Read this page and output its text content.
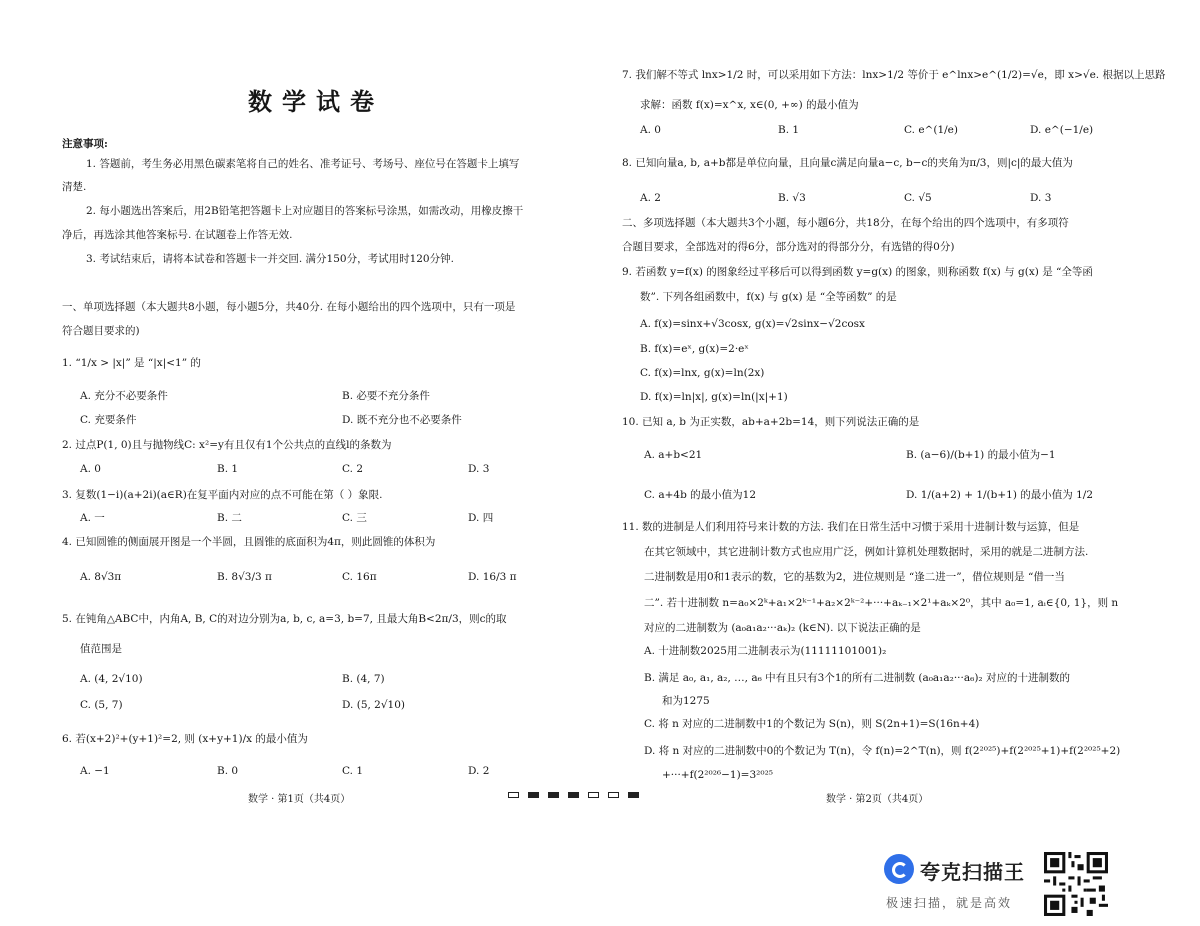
数学试卷
注意事项:
1. 答题前，考生务必用黑色碳素笔将自己的姓名、准考证号、考场号、座位号在答题卡上填写
清楚.
2. 每小题选出答案后，用2B铅笔把答题卡上对应题目的答案标号涂黑，如需改动，用橡皮擦干
净后，再选涂其他答案标号. 在试题卷上作答无效.
3. 考试结束后，请将本试卷和答题卡一并交回. 满分150分，考试用时120分钟.
一、单项选择题（本大题共8小题，每小题5分，共40分. 在每小题给出的四个选项中，只有一项是
符合题目要求的)
1. “1/x > |x|” 是 “|x|<1” 的
A. 充分不必要条件	B. 必要不充分条件
C. 充要条件	D. 既不充分也不必要条件
2. 过点P(1, 0)且与抛物线C: x²=y有且仅有1个公共点的直线l的条数为
A. 0	B. 1	C. 2	D. 3
3. 复数(1−i)(a+2i)(a∈R)在复平面内对应的点不可能在第（ ）象限.
A. 一	B. 二	C. 三	D. 四
4. 已知圆锥的侧面展开图是一个半圆，且圆锥的底面积为4π，则此圆锥的体积为
A. 8√3π	B. 8√3/3 π	C. 16π	D. 16/3 π
5. 在钝角△ABC中，内角A, B, C的对边分别为a, b, c, a=3, b=7, 且最大角B<2π/3，则c的取
值范围是
A. (4, 2√10)	B. (4, 7)
C. (5, 7)	D. (5, 2√10)
6. 若(x+2)²+(y+1)²=2, 则 (x+y+1)/x 的最小值为
A. −1	B. 0	C. 1	D. 2
数学 · 第1页（共4页）
7. 我们解不等式 lnx>1/2 时，可以采用如下方法：lnx>1/2 等价于 e^lnx>e^(1/2)=√e，即 x>√e. 根据以上思路
求解：函数 f(x)=x^x, x∈(0, +∞) 的最小值为
A. 0	B. 1	C. e^(1/e)	D. e^(−1/e)
8. 已知向量a, b, a+b都是单位向量，且向量c满足向量a−c, b−c的夹角为π/3，则|c|的最大值为
A. 2	B. √3	C. √5	D. 3
二、多项选择题（本大题共3个小题，每小题6分，共18分，在每个给出的四个选项中，有多项符
合题目要求，全部选对的得6分，部分选对的得部分分，有选错的得0分)
9. 若函数 y=f(x) 的图象经过平移后可以得到函数 y=g(x) 的图象，则称函数 f(x) 与 g(x) 是 “全等函
数”. 下列各组函数中，f(x) 与 g(x) 是 “全等函数” 的是
A. f(x)=sinx+√3cosx, g(x)=√2sinx−√2cosx
B. f(x)=eˣ, g(x)=2·eˣ
C. f(x)=lnx, g(x)=ln(2x)
D. f(x)=ln|x|, g(x)=ln(|x|+1)
10. 已知 a, b 为正实数，ab+a+2b=14，则下列说法正确的是
A. a+b<21	B. (a−6)/(b+1) 的最小值为−1
C. a+4b 的最小值为12	D. 1/(a+2) + 1/(b+1) 的最小值为 1/2
11. 数的进制是人们利用符号来计数的方法. 我们在日常生活中习惯于采用十进制计数与运算，但是
在其它领域中，其它进制计数方式也应用广泛，例如计算机处理数据时，采用的就是二进制方法.
二进制数是用0和1表示的数，它的基数为2，进位规则是 “逢二进一”，借位规则是 “借一当
二”. 若十进制数 n=a₀×2ᵏ+a₁×2ᵏ⁻¹+a₂×2ᵏ⁻²+···+aₖ₋₁×2¹+aₖ×2⁰，其中 a₀=1, aᵢ∈{0, 1}，则 n
对应的二进制数为 (a₀a₁a₂···aₖ)₂ (k∈N). 以下说法正确的是
A. 十进制数2025用二进制表示为(11111101001)₂
B. 满足 a₀, a₁, a₂, …, a₆ 中有且只有3个1的所有二进制数 (a₀a₁a₂···a₆)₂ 对应的十进制数的
和为1275
C. 将 n 对应的二进制数中1的个数记为 S(n)，则 S(2n+1)=S(16n+4)
D. 将 n 对应的二进制数中0的个数记为 T(n)，令 f(n)=2^T(n)，则 f(2²⁰²⁵)+f(2²⁰²⁵+1)+f(2²⁰²⁵+2)
+···+f(2²⁰²⁶−1)=3²⁰²⁵
数学 · 第2页（共4页）
夸克扫描王
极速扫描，就是高效
